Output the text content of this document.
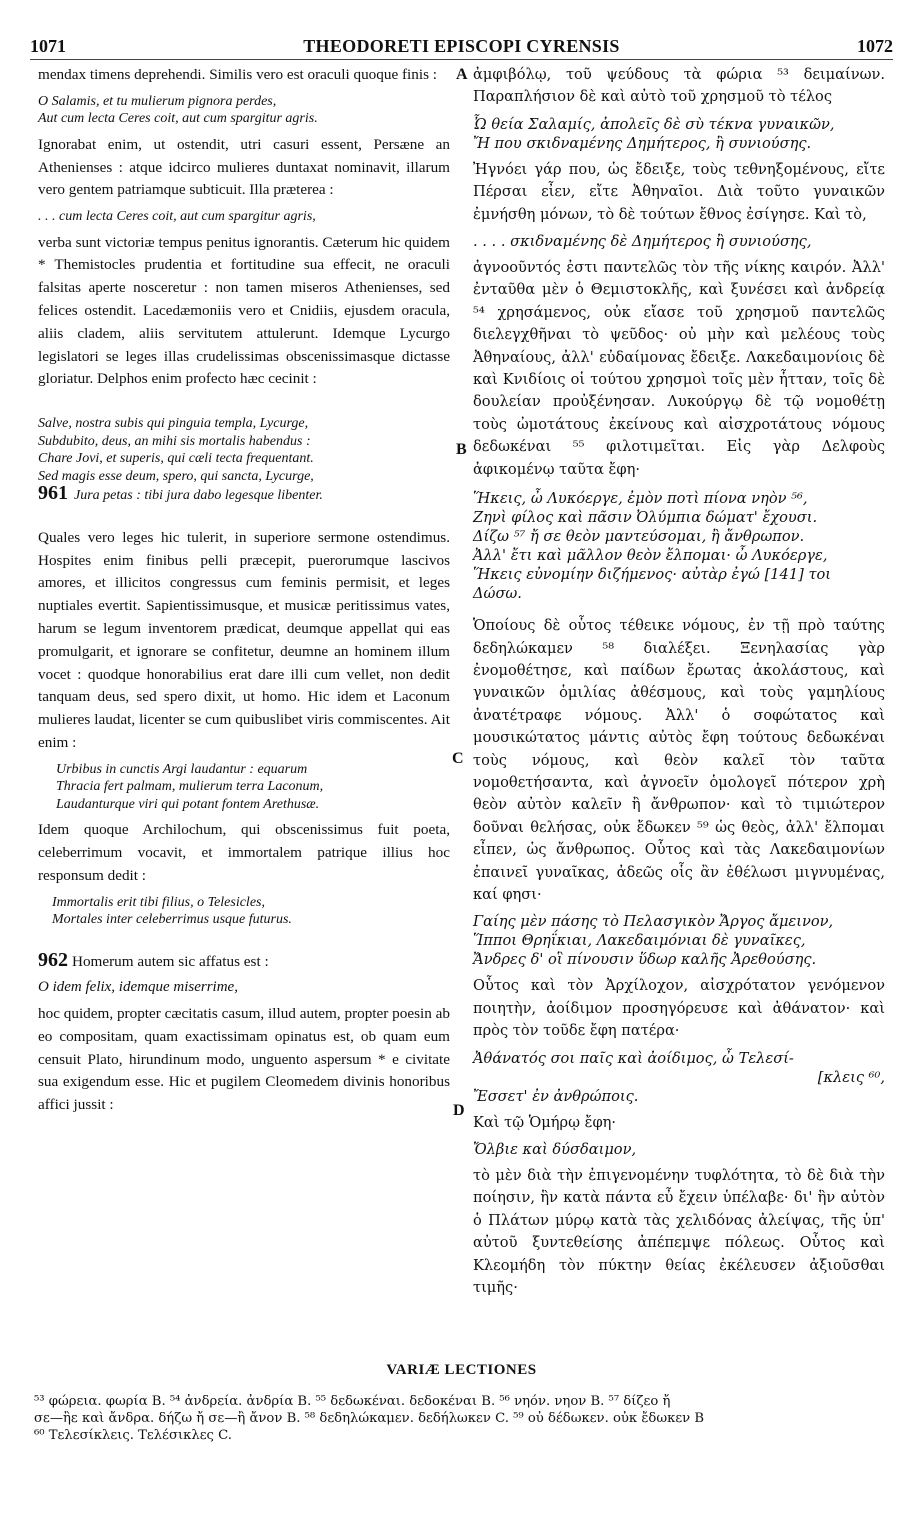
1071	THEODORETI EPISCOPI CYRENSIS	1072
A
B
C
D

mendax timens deprehendi. Similis vero est oraculi quoque finis :

O Salamis, et tu mulierum pignora perdes,
Aut cum lecta Ceres coit, aut cum spargitur agris.

Ignorabat enim, ut ostendit, utri casuri essent, Persæne an Athenienses : atque idcirco mulieres duntaxat nominavit, illarum vero gentem patriamque subticuit. Illa præterea :

. . . cum lecta Ceres coit, aut cum spargitur agris,

verba sunt victoriæ tempus penitus ignorantis. Cæterum hic quidem * Themistocles prudentia et fortitudine sua effecit, ne oraculi falsitas aperte nosceretur : non tamen miseros Athenienses, sed felices ostendit. Lacedæmoniis vero et Cnidiis, ejusdem oracula, aliis cladem, aliis servitutem attulerunt. Idemque Lycurgo legislatori se leges illas crudelissimas obscenissimasque dictasse gloriatur. Delphos enim profecto hæc cecinit :

Salve, nostra subis qui pinguia templa, Lycurge,
Subdubito, deus, an mihi sis mortalis habendus :
Chare Jovi, et superis, qui cæli tecta frequentant.
Sed magis esse deum, spero, qui sancta, Lycurge,
961 Jura petas : tibi jura dabo legesque libenter.

Quales vero leges hic tulerit, in superiore sermone ostendimus. Hospites enim finibus pelli præcepit, puerorumque lascivos amores, et illicitos congressus cum feminis permisit, et leges nuptiales evertit. Sapientissimusque, et musicæ peritissimus vates, harum se legum inventorem prædicat, deumque appellat qui eas promulgarit, et ignorare se confitetur, deumne an hominem illum vocet : quodque honorabilius erat dare illi cum vellet, non dedit tanquam deus, sed spero dixit, ut homo. Hic idem et Laconum mulieres laudat, licenter se cum quibuslibet viris commiscentes. Ait enim :

Urbibus in cunctis Argi laudantur : equarum
Thracia fert palmam, mulierum terra Laconum,
Laudanturque viri qui potant fontem Arethusæ.

Idem quoque Archilochum, qui obscenissimus fuit poeta, celeberrimum vocavit, et immortalem patrique illius hoc responsum dedit :

Immortalis erit tibi filius, o Telesicles,
Mortales inter celeberrimus usque futurus.

962 Homerum autem sic affatus est :

O idem felix, idemque miserrime,

hoc quidem, propter cæcitatis casum, illud autem, propter poesin ab eo compositam, quam exactissimam opinatus est, ob quam eum censuit Plato, hirundinum modo, unguento aspersum * e civitate sua exigendum esse. Hic et pugilem Cleomedem divinis honoribus affici jussit :

ἀμφιβόλῳ, τοῦ ψεύδους τὰ φώρια ⁵³ δειμαίνων. Παραπλήσιον δὲ καὶ αὐτὸ τοῦ χρησμοῦ τὸ τέλος

Ὦ θεία Σαλαμίς, ἀπολεῖς δὲ σὺ τέκνα γυναικῶν,
Ἤ που σκιδναμένης Δημήτερος, ἢ συνιούσης.

Ἠγνόει γάρ που, ὡς ἔδειξε, τοὺς τεθνηξομένους, εἴτε Πέρσαι εἶεν, εἴτε Ἀθηναῖοι. Διὰ τοῦτο γυναικῶν ἐμνήσθη μόνων, τὸ δὲ τούτων ἔθνος ἐσίγησε. Καὶ τὸ,

. . . . σκιδναμένης δὲ Δημήτερος ἢ συνιούσης,

ἀγνοοῦντός ἐστι παντελῶς τὸν τῆς νίκης καιρόν. Ἀλλ' ἐνταῦθα μὲν ὁ Θεμιστοκλῆς, καὶ ξυνέσει καὶ ἀνδρείᾳ ⁵⁴ χρησάμενος, οὐκ εἴασε τοῦ χρησμοῦ παντελῶς διελεγχθῆναι τὸ ψεῦδος· οὐ μὴν καὶ μελέους τοὺς Ἀθηναίους, ἀλλ' εὐδαίμονας ἔδειξε. Λακεδαιμονίοις δὲ καὶ Κνιδίοις οἱ τούτου χρησμοὶ τοῖς μὲν ἧτταν, τοῖς δὲ δουλείαν προὐξένησαν. Λυκούργῳ δὲ τῷ νομοθέτῃ τοὺς ὠμοτάτους ἐκείνους καὶ αἰσχροτάτους νόμους δεδωκέναι ⁵⁵ φιλοτιμεῖται. Εἰς γὰρ Δελφοὺς ἀφικομένῳ ταῦτα ἔφη·

Ἥκεις, ὦ Λυκόεργε, ἐμὸν ποτὶ πίονα νηὸν ⁵⁶,
Ζηνὶ φίλος καὶ πᾶσιν Ὀλύμπια δώματ' ἔχουσι.
Δίζω ⁵⁷ ἤ σε θεὸν μαντεύσομαι, ἢ ἄνθρωπον.
Ἀλλ' ἔτι καὶ μᾶλλον θεὸν ἔλπομαι· ὦ Λυκόεργε,
Ἥκεις εὐνομίην διζήμενος· αὐτὰρ ἐγώ [141] τοι
Δώσω.

Ὁποίους δὲ οὗτος τέθεικε νόμους, ἐν τῇ πρὸ ταύτης δεδηλώκαμεν ⁵⁸ διαλέξει. Ξενηλασίας γὰρ ἐνομοθέτησε, καὶ παίδων ἔρωτας ἀκολάστους, καὶ γυναικῶν ὁμιλίας ἀθέσμους, καὶ τοὺς γαμηλίους ἀνατέτραφε νόμους. Ἀλλ' ὁ σοφώτατος καὶ μουσικώτατος μάντις αὐτὸς ἔφη τούτους δεδωκέναι τοὺς νόμους, καὶ θεὸν καλεῖ τὸν ταῦτα νομοθετήσαντα, καὶ ἀγνοεῖν ὁμολογεῖ πότερον χρὴ θεὸν αὐτὸν καλεῖν ἢ ἄνθρωπον· καὶ τὸ τιμιώτερον δοῦναι θελήσας, οὐκ ἔδωκεν ⁵⁹ ὡς θεὸς, ἀλλ' ἔλπομαι εἶπεν, ὡς ἄνθρωπος. Οὗτος καὶ τὰς Λακεδαιμονίων ἐπαινεῖ γυναῖκας, ἀδεῶς οἷς ἂν ἐθέλωσι μιγνυμένας, καί φησι·

Γαίης μὲν πάσης τὸ Πελασγικὸν Ἄργος ἄμεινον,
Ἵπποι Θρηΐκιαι, Λακεδαιμόνιαι δὲ γυναῖκες,
Ἄνδρες δ' οἳ πίνουσιν ὕδωρ καλῆς Ἀρεθούσης.

Οὗτος καὶ τὸν Ἀρχίλοχον, αἰσχρότατον γενόμενον ποιητὴν, ἀοίδιμον προσηγόρευσε καὶ ἀθάνατον· καὶ πρὸς τὸν τοῦδε ἔφη πατέρα·

Ἀθάνατός σοι παῖς καὶ ἀοίδιμος, ὦ Τελεσί-
[κλεις ⁶⁰,
Ἔσσετ' ἐν ἀνθρώποις.

Καὶ τῷ Ὁμήρῳ ἔφη·

Ὄλβιε καὶ δύσδαιμον,

τὸ μὲν διὰ τὴν ἐπιγενομένην τυφλότητα, τὸ δὲ διὰ τὴν ποίησιν, ἣν κατὰ πάντα εὖ ἔχειν ὑπέλαβε· δι' ἣν αὐτὸν ὁ Πλάτων μύρῳ κατὰ τὰς χελιδόνας ἀλείψας, τῆς ὑπ' αὐτοῦ ξυντεθείσης ἀπέπεμψε πόλεως. Οὗτος καὶ Κλεομήδη τὸν πύκτην θείας ἐκέλευσεν ἀξιοῦσθαι τιμῆς·

VARIÆ LECTIONES

⁵³ φώρεια. φωρία B. ⁵⁴ ἀνδρεία. ἀνδρία B. ⁵⁵ δεδωκέναι. δεδοκέναι B. ⁵⁶ νηόν. νηον B. ⁵⁷ δίζεο ἤ

σε—ἢε καὶ ἄνδρα. δήζω ἤ σε—ἢ ἄνον B. ⁵⁸ δεδηλώκαμεν. δεδήλωκεν C. ⁵⁹ οὐ δέδωκεν. οὐκ ἔδωκεν B

⁶⁰ Τελεσίκλεις. Τελέσικλες C.
